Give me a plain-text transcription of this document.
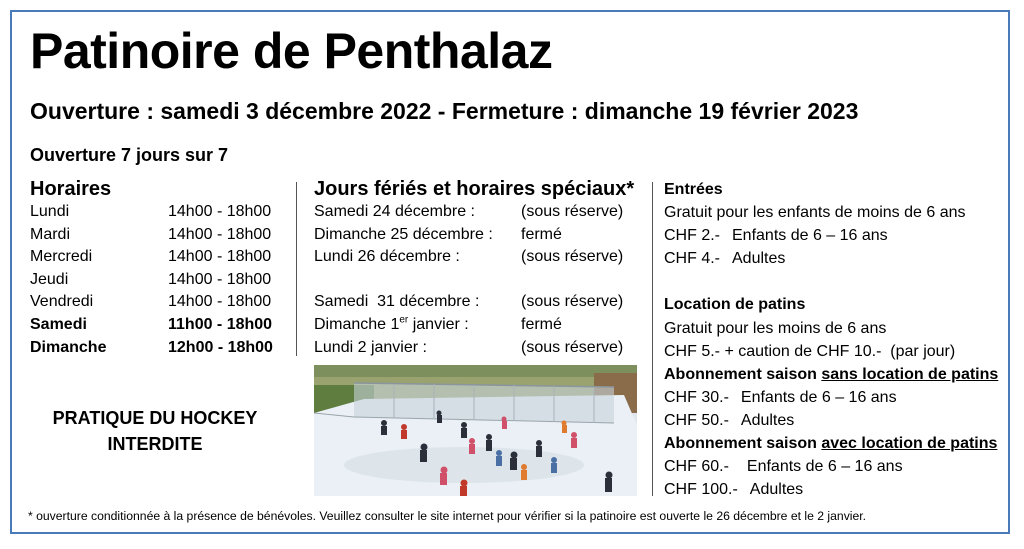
Patinoire de Penthalaz
Ouverture : samedi 3 décembre 2022 - Fermeture : dimanche 19 février 2023
Ouverture 7 jours sur 7
Horaires
Lundi	14h00 - 18h00
Mardi	14h00 - 18h00
Mercredi	14h00 - 18h00
Jeudi	14h00 - 18h00
Vendredi	14h00 - 18h00
Samedi	11h00 - 18h00
Dimanche	12h00 - 18h00
PRATIQUE DU HOCKEY
INTERDITE
Jours fériés et horaires spéciaux*
Samedi 24 décembre :	(sous réserve)
Dimanche 25 décembre :	fermé
Lundi 26 décembre :	(sous réserve)
Samedi  31 décembre :	(sous réserve)
Dimanche 1er janvier :	fermé
Lundi 2 janvier :	(sous réserve)
Entrées
Gratuit pour les enfants de moins de 6 ans
CHF 2.- Enfants de 6 – 16 ans
CHF 4.- Adultes
Location de patins
Gratuit pour les moins de 6 ans
CHF 5.- + caution de CHF 10.-  (par jour)
Abonnement saison sans location de patins
CHF 30.- Enfants de 6 – 16 ans
CHF 50.- Adultes
Abonnement saison avec location de patins
CHF 60.- Enfants de 6 – 16 ans
CHF 100.- Adultes
* ouverture conditionnée à la présence de bénévoles. Veuillez consulter le site internet pour vérifier si la patinoire est ouverte le 26 décembre et le 2 janvier.
